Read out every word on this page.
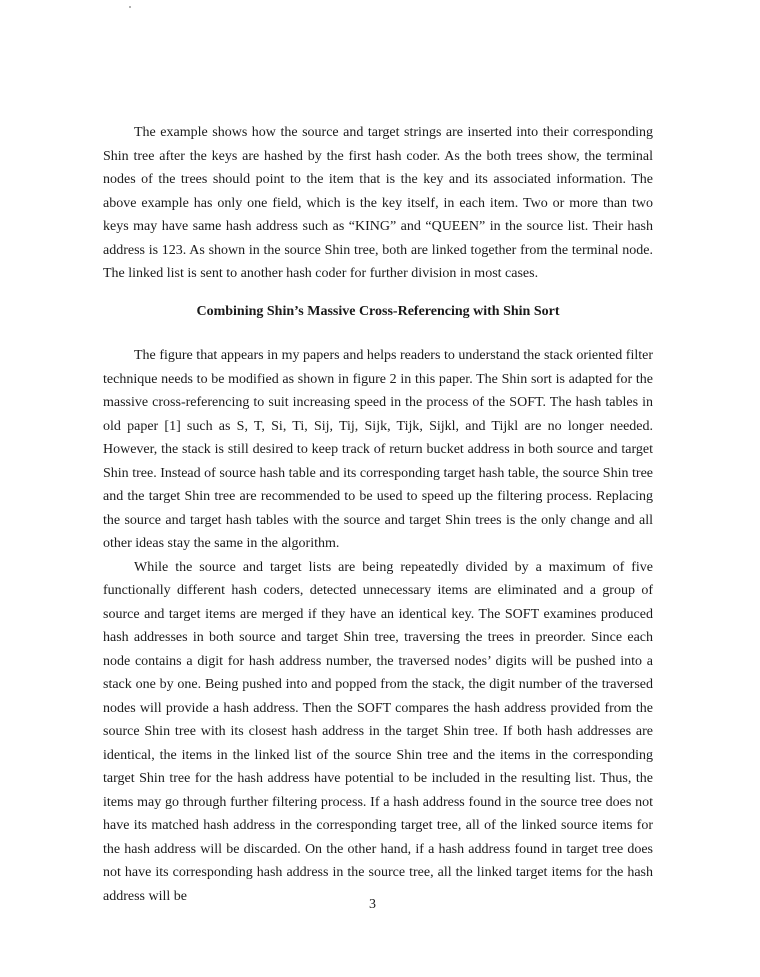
The example shows how the source and target strings are inserted into their corresponding Shin tree after the keys are hashed by the first hash coder. As the both trees show, the terminal nodes of the trees should point to the item that is the key and its associated information. The above example has only one field, which is the key itself, in each item. Two or more than two keys may have same hash address such as “KING” and “QUEEN” in the source list. Their hash address is 123. As shown in the source Shin tree, both are linked together from the terminal node. The linked list is sent to another hash coder for further division in most cases.

Combining Shin’s Massive Cross-Referencing with Shin Sort

The figure that appears in my papers and helps readers to understand the stack oriented filter technique needs to be modified as shown in figure 2 in this paper. The Shin sort is adapted for the massive cross-referencing to suit increasing speed in the process of the SOFT. The hash tables in old paper [1] such as S, T, Si, Ti, Sij, Tij, Sijk, Tijk, Sijkl, and Tijkl are no longer needed. However, the stack is still desired to keep track of return bucket address in both source and target Shin tree. Instead of source hash table and its corresponding target hash table, the source Shin tree and the target Shin tree are recommended to be used to speed up the filtering process. Replacing the source and target hash tables with the source and target Shin trees is the only change and all other ideas stay the same in the algorithm.

While the source and target lists are being repeatedly divided by a maximum of five functionally different hash coders, detected unnecessary items are eliminated and a group of source and target items are merged if they have an identical key. The SOFT examines produced hash addresses in both source and target Shin tree, traversing the trees in preorder. Since each node contains a digit for hash address number, the traversed nodes’ digits will be pushed into a stack one by one. Being pushed into and popped from the stack, the digit number of the traversed nodes will provide a hash address. Then the SOFT compares the hash address provided from the source Shin tree with its closest hash address in the target Shin tree. If both hash addresses are identical, the items in the linked list of the source Shin tree and the items in the corresponding target Shin tree for the hash address have potential to be included in the resulting list. Thus, the items may go through further filtering process. If a hash address found in the source tree does not have its matched hash address in the corresponding target tree, all of the linked source items for the hash address will be discarded. On the other hand, if a hash address found in target tree does not have its corresponding hash address in the source tree, all the linked target items for the hash address will be

3
